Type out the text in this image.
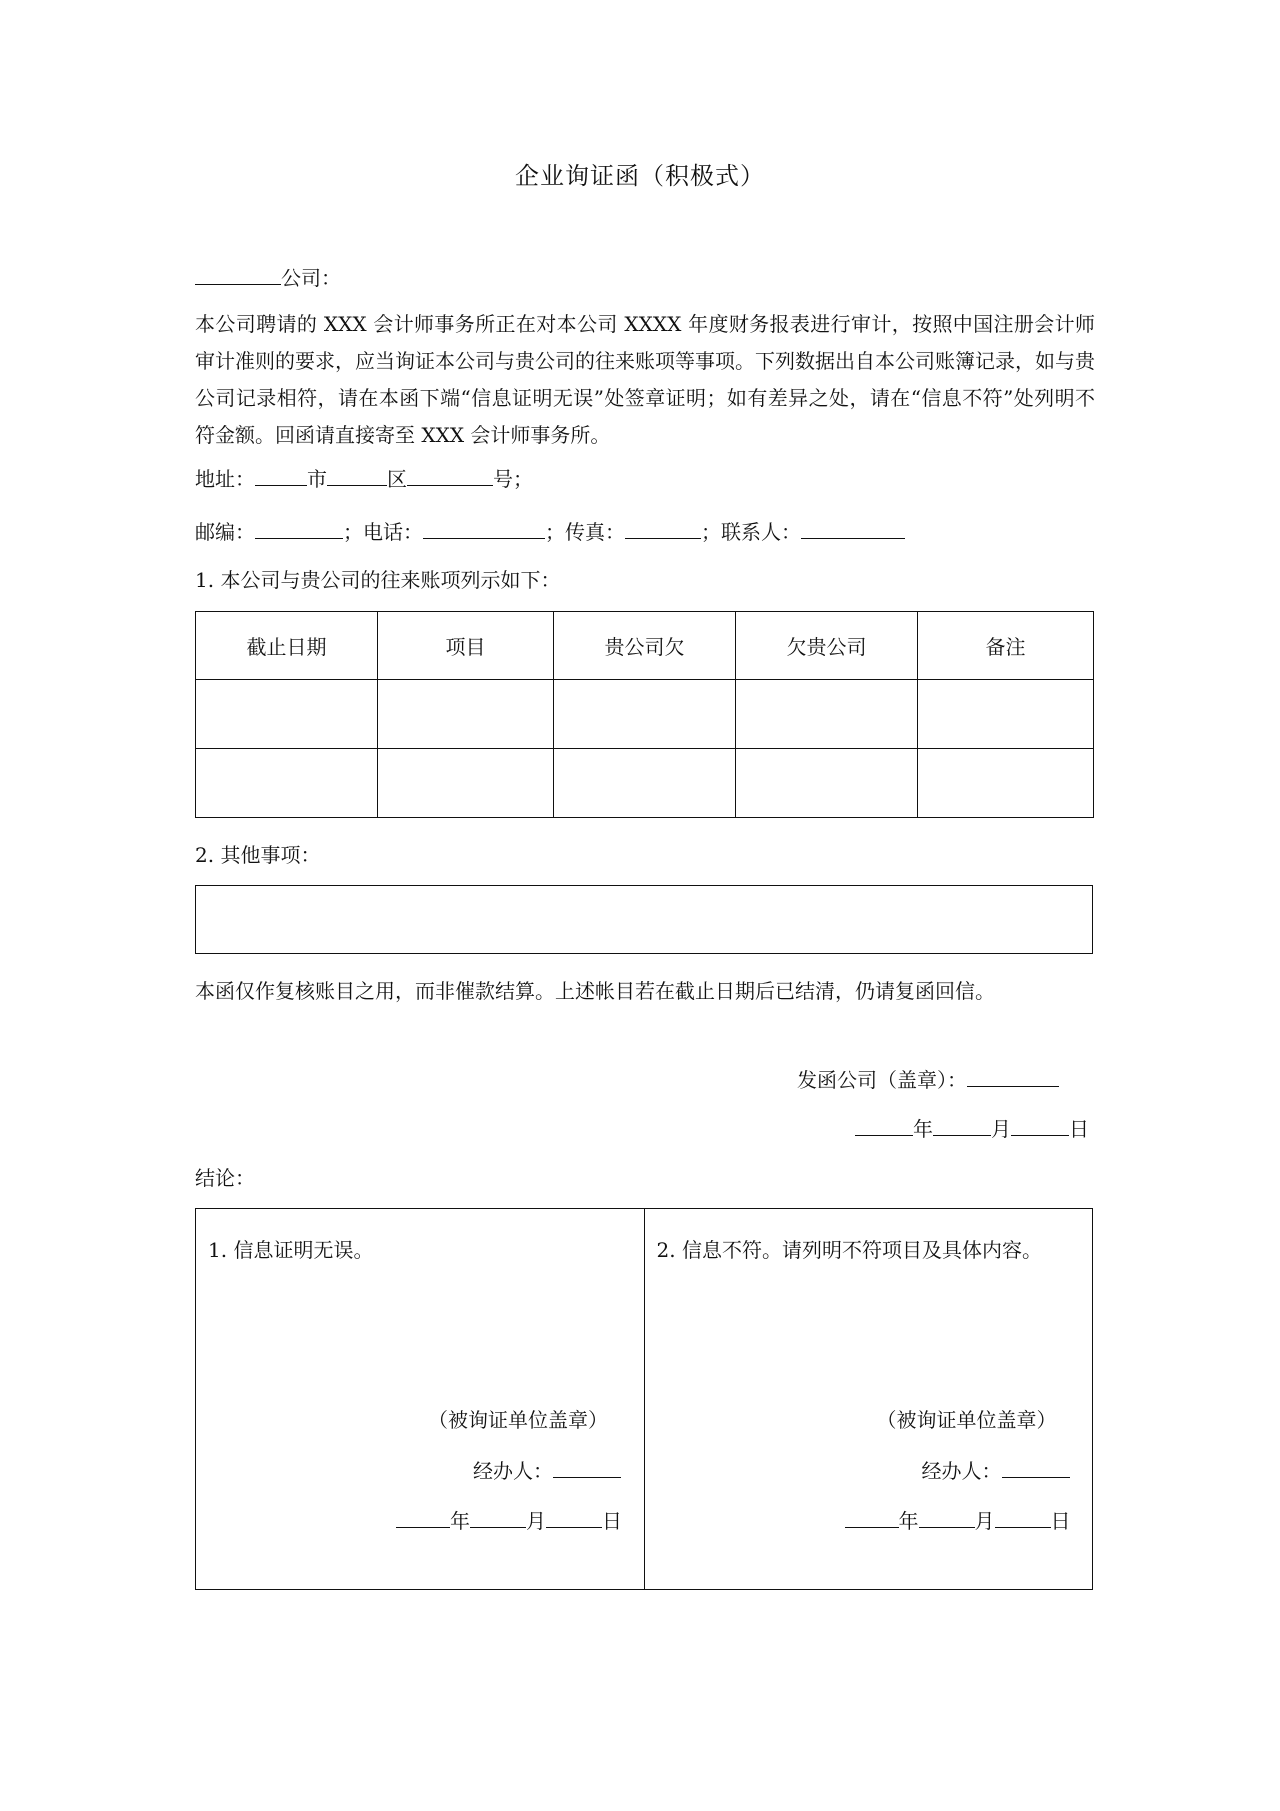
企业询证函（积极式）
公司：
本公司聘请的 XXX 会计师事务所正在对本公司 XXXX 年度财务报表进行审计，按照中国注册会计师审计准则的要求，应当询证本公司与贵公司的往来账项等事项。下列数据出自本公司账簿记录，如与贵公司记录相符，请在本函下端“信息证明无误”处签章证明；如有差异之处，请在“信息不符”处列明不符金额。回函请直接寄至 XXX 会计师事务所。
地址：	市	区	号；
邮编：	；电话：	；传真：	；联系人：
1. 本公司与贵公司的往来账项列示如下：
截止日期	项目	贵公司欠	欠贵公司	备注

2. 其他事项：
本函仅作复核账目之用，而非催款结算。上述帐目若在截止日期后已结清，仍请复函回信。
发函公司（盖章）：
年	月	日
结论：
1. 信息证明无误。
（被询证单位盖章）
经办人：
年	月	日
2. 信息不符。请列明不符项目及具体内容。
（被询证单位盖章）
经办人：
年	月	日
